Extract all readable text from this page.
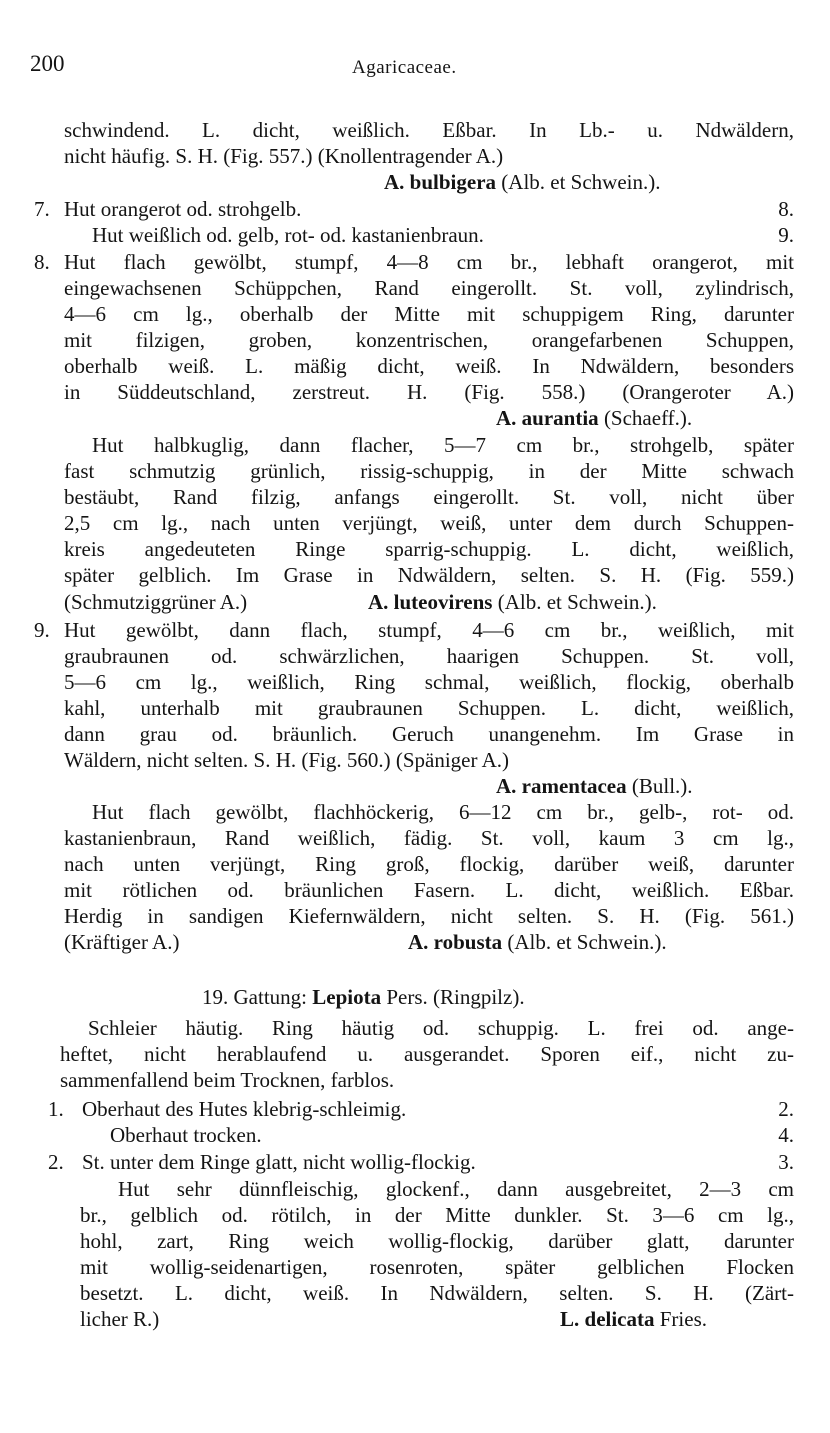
200	Agaricaceae.
schwindend. L. dicht, weißlich. Eßbar. In Lb.- u. Ndwäldern,
nicht häufig. S. H. (Fig. 557.) (Knollentragender A.)
A. bulbigera (Alb. et Schwein.).
7. Hut orangerot od. strohgelb.	8.
Hut weißlich od. gelb, rot- od. kastanienbraun.	9.
8. Hut flach gewölbt, stumpf, 4—8 cm br., lebhaft orangerot, mit
eingewachsenen Schüppchen, Rand eingerollt. St. voll, zylindrisch,
4—6 cm lg., oberhalb der Mitte mit schuppigem Ring, darunter
mit filzigen, groben, konzentrischen, orangefarbenen Schuppen,
oberhalb weiß. L. mäßig dicht, weiß. In Ndwäldern, besonders
in Süddeutschland, zerstreut. H. (Fig. 558.) (Orangeroter A.)
A. aurantia (Schaeff.).
Hut halbkuglig, dann flacher, 5—7 cm br., strohgelb, später
fast schmutzig grünlich, rissig-schuppig, in der Mitte schwach
bestäubt, Rand filzig, anfangs eingerollt. St. voll, nicht über
2,5 cm lg., nach unten verjüngt, weiß, unter dem durch Schuppen-
kreis angedeuteten Ringe sparrig-schuppig. L. dicht, weißlich,
später gelblich. Im Grase in Ndwäldern, selten. S. H. (Fig. 559.)
(Schmutziggrüner A.)	A. luteovirens (Alb. et Schwein.).
9. Hut gewölbt, dann flach, stumpf, 4—6 cm br., weißlich, mit
graubraunen od. schwärzlichen, haarigen Schuppen. St. voll,
5—6 cm lg., weißlich, Ring schmal, weißlich, flockig, oberhalb
kahl, unterhalb mit graubraunen Schuppen. L. dicht, weißlich,
dann grau od. bräunlich. Geruch unangenehm. Im Grase in
Wäldern, nicht selten. S. H. (Fig. 560.) (Späniger A.)
A. ramentacea (Bull.).
Hut flach gewölbt, flachhöckerig, 6—12 cm br., gelb-, rot- od.
kastanienbraun, Rand weißlich, fädig. St. voll, kaum 3 cm lg.,
nach unten verjüngt, Ring groß, flockig, darüber weiß, darunter
mit rötlichen od. bräunlichen Fasern. L. dicht, weißlich. Eßbar.
Herdig in sandigen Kiefernwäldern, nicht selten. S. H. (Fig. 561.)
(Kräftiger A.)	A. robusta (Alb. et Schwein.).
19. Gattung: Lepiota Pers. (Ringpilz).
Schleier häutig. Ring häutig od. schuppig. L. frei od. ange-
heftet, nicht herablaufend u. ausgerandet. Sporen eif., nicht zu-
sammenfallend beim Trocknen, farblos.
1. Oberhaut des Hutes klebrig-schleimig.	2.
Oberhaut trocken.	4.
2. St. unter dem Ringe glatt, nicht wollig-flockig.	3.
Hut sehr dünnfleischig, glockenf., dann ausgebreitet, 2—3 cm
br., gelblich od. rötilch, in der Mitte dunkler. St. 3—6 cm lg.,
hohl, zart, Ring weich wollig-flockig, darüber glatt, darunter
mit wollig-seidenartigen, rosenroten, später gelblichen Flocken
besetzt. L. dicht, weiß. In Ndwäldern, selten. S. H. (Zärt-
licher R.)	L. delicata Fries.
